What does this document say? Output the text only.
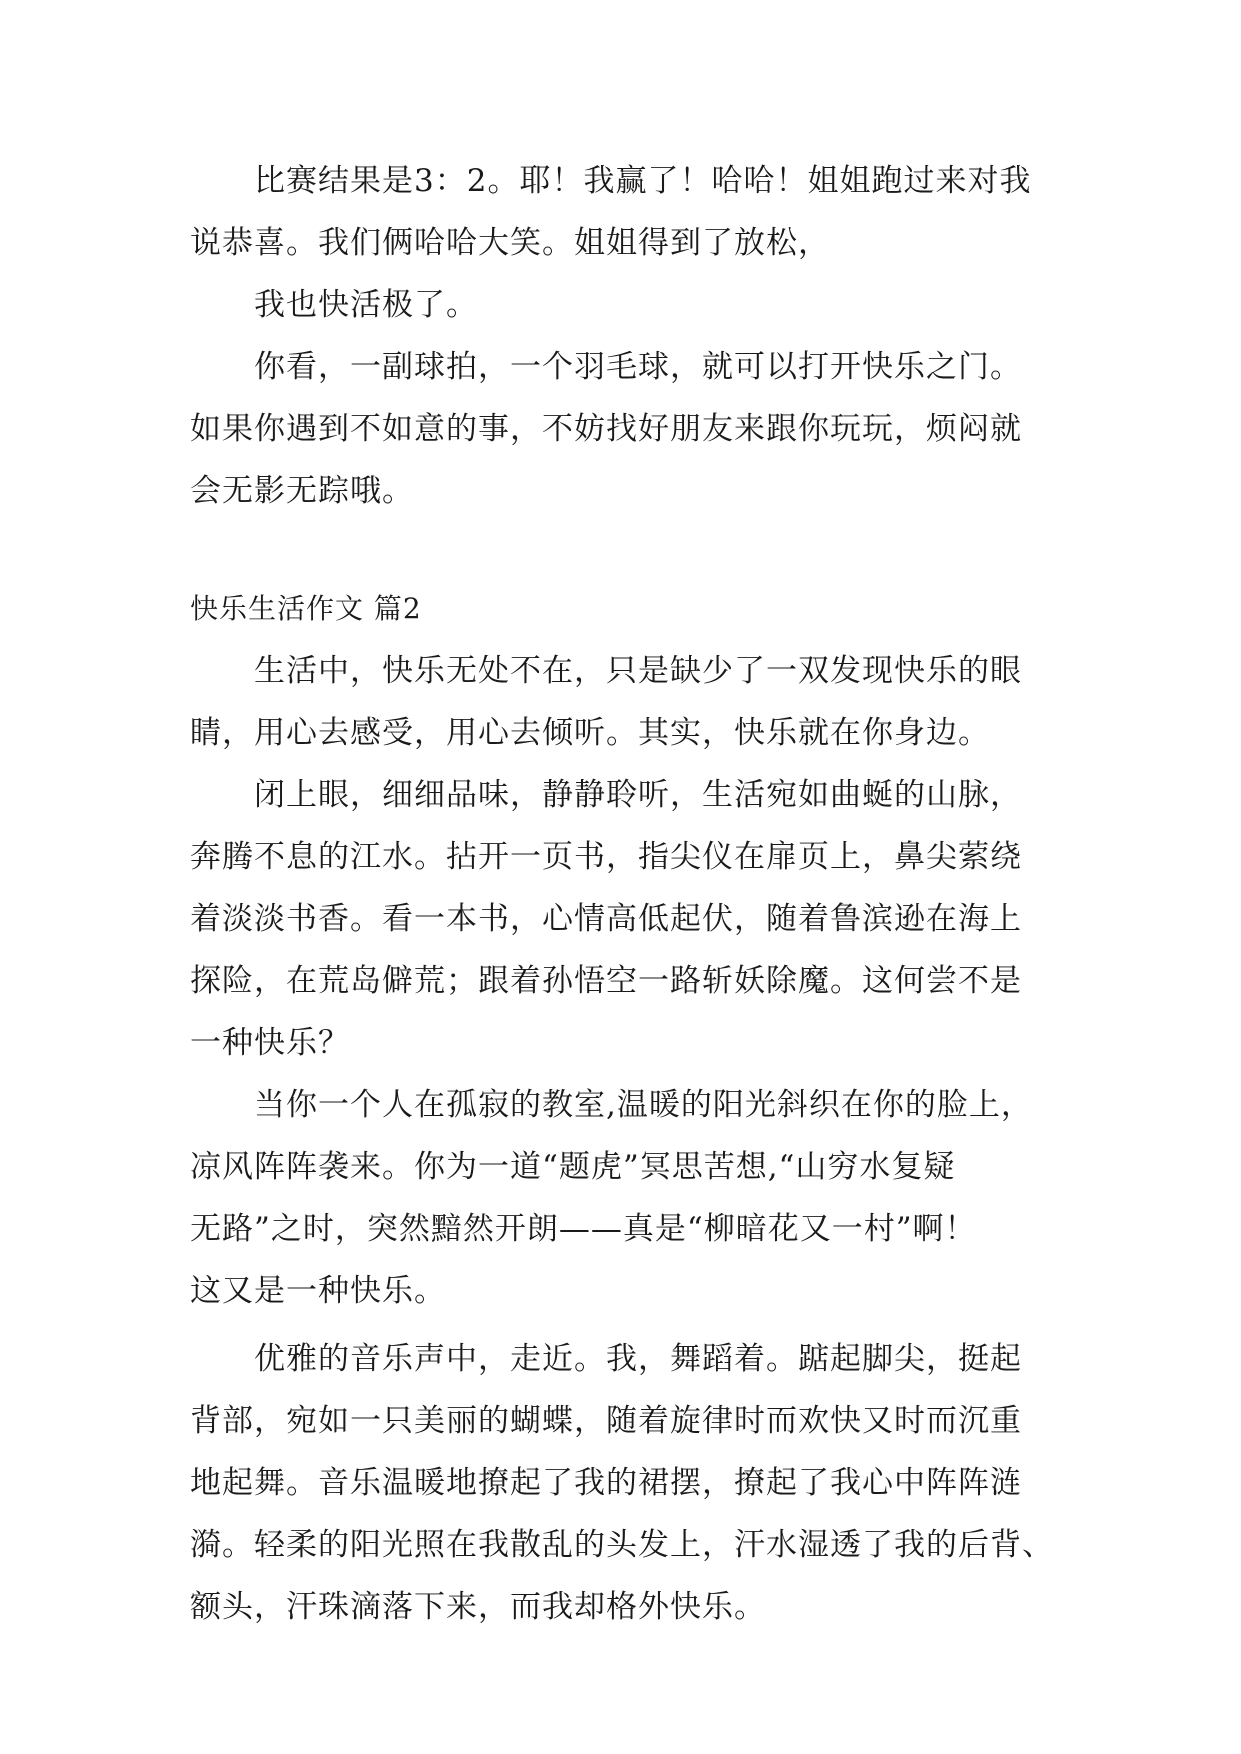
比赛结果是3：2。耶！我赢了！哈哈！姐姐跑过来对我
说恭喜。我们俩哈哈大笑。姐姐得到了放松，

我也快活极了。

你看，一副球拍，一个羽毛球，就可以打开快乐之门。
如果你遇到不如意的事，不妨找好朋友来跟你玩玩，烦闷就
会无影无踪哦。

快乐生活作文 篇2

生活中，快乐无处不在，只是缺少了一双发现快乐的眼
睛，用心去感受，用心去倾听。其实，快乐就在你身边。

闭上眼，细细品味，静静聆听，生活宛如曲蜒的山脉，
奔腾不息的江水。拈开一页书，指尖仪在扉页上，鼻尖萦绕
着淡淡书香。看一本书，心情高低起伏，随着鲁滨逊在海上
探险，在荒岛僻荒；跟着孙悟空一路斩妖除魔。这何尝不是
一种快乐？

当你一个人在孤寂的教室,温暖的阳光斜织在你的脸上，
凉风阵阵袭来。你为一道“题虎”冥思苦想,“山穷水复疑
无路”之时，突然黯然开朗——真是“柳暗花又一村”啊！
这又是一种快乐。

优雅的音乐声中，走近。我，舞蹈着。踮起脚尖，挺起
背部，宛如一只美丽的蝴蝶，随着旋律时而欢快又时而沉重
地起舞。音乐温暖地撩起了我的裙摆，撩起了我心中阵阵涟
漪。轻柔的阳光照在我散乱的头发上，汗水湿透了我的后背、
额头，汗珠滴落下来，而我却格外快乐。
